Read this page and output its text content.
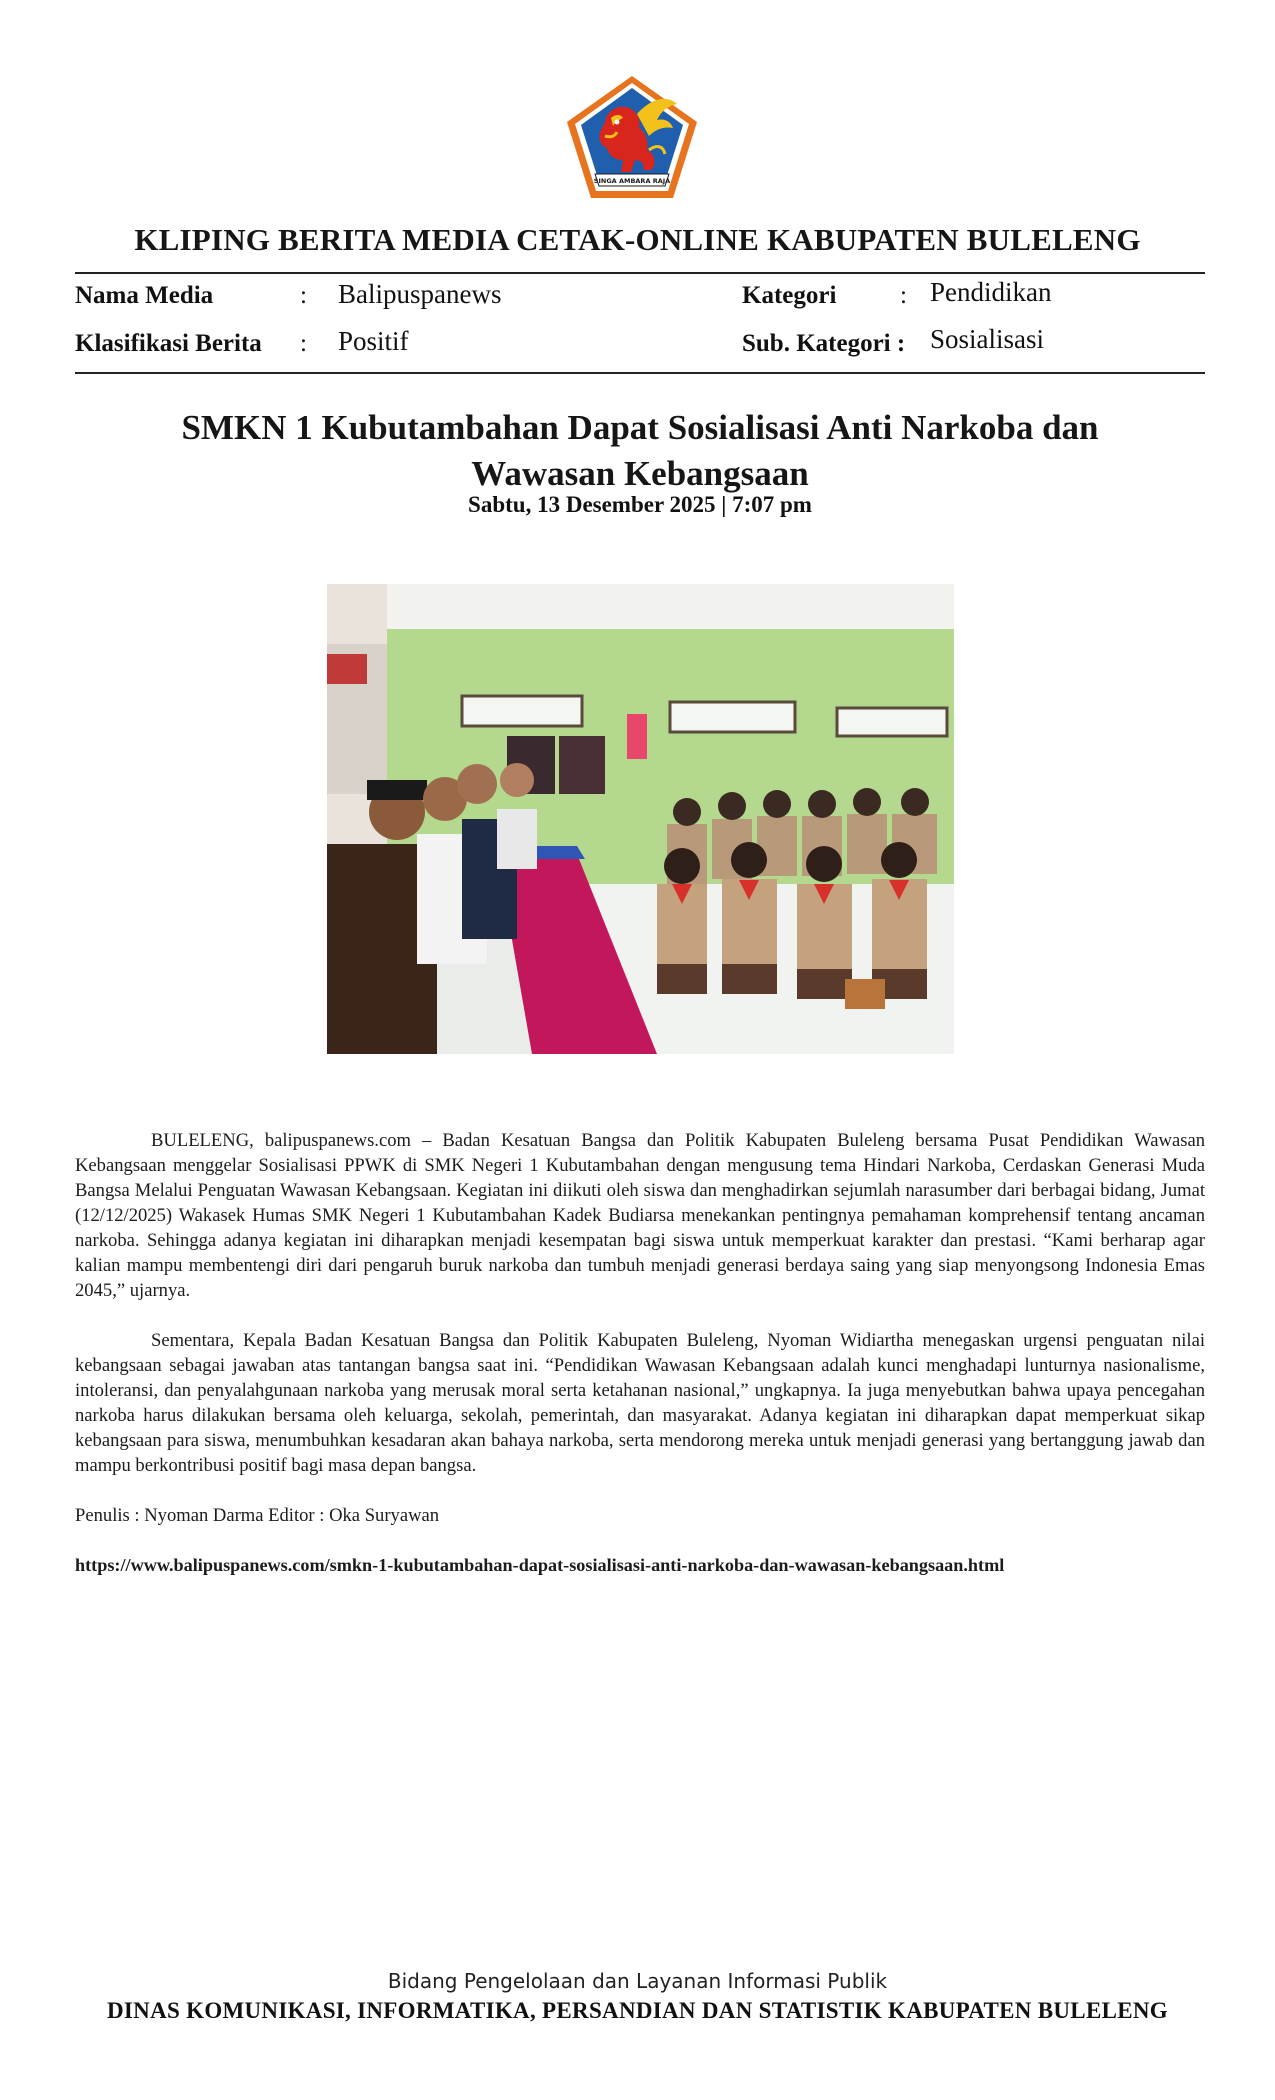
SINGA AMBARA RAJA
KLIPING BERITA MEDIA CETAK-ONLINE KABUPATEN BULELENG
Nama Media	: Balipuspanews	Kategori	: Pendidikan
Klasifikasi Berita : Positif	Sub. Kategori : Sosialisasi
SMKN 1 Kubutambahan Dapat Sosialisasi Anti Narkoba dan Wawasan Kebangsaan
Sabtu, 13 Desember 2025 | 7:07 pm

BULELENG, balipuspanews.com – Badan Kesatuan Bangsa dan Politik Kabupaten Buleleng bersama Pusat Pendidikan Wawasan Kebangsaan menggelar Sosialisasi PPWK di SMK Negeri 1 Kubutambahan dengan mengusung tema Hindari Narkoba, Cerdaskan Generasi Muda Bangsa Melalui Penguatan Wawasan Kebangsaan. Kegiatan ini diikuti oleh siswa dan menghadirkan sejumlah narasumber dari berbagai bidang, Jumat (12/12/2025) Wakasek Humas SMK Negeri 1 Kubutambahan Kadek Budiarsa menekankan pentingnya pemahaman komprehensif tentang ancaman narkoba. Sehingga adanya kegiatan ini diharapkan menjadi kesempatan bagi siswa untuk memperkuat karakter dan prestasi. “Kami berharap agar kalian mampu membentengi diri dari pengaruh buruk narkoba dan tumbuh menjadi generasi berdaya saing yang siap menyongsong Indonesia Emas 2045,” ujarnya.

Sementara, Kepala Badan Kesatuan Bangsa dan Politik Kabupaten Buleleng, Nyoman Widiartha menegaskan urgensi penguatan nilai kebangsaan sebagai jawaban atas tantangan bangsa saat ini. “Pendidikan Wawasan Kebangsaan adalah kunci menghadapi lunturnya nasionalisme, intoleransi, dan penyalahgunaan narkoba yang merusak moral serta ketahanan nasional,” ungkapnya. Ia juga menyebutkan bahwa upaya pencegahan narkoba harus dilakukan bersama oleh keluarga, sekolah, pemerintah, dan masyarakat. Adanya kegiatan ini diharapkan dapat memperkuat sikap kebangsaan para siswa, menumbuhkan kesadaran akan bahaya narkoba, serta mendorong mereka untuk menjadi generasi yang bertanggung jawab dan mampu berkontribusi positif bagi masa depan bangsa.

Penulis : Nyoman Darma Editor : Oka Suryawan

https://www.balipuspanews.com/smkn-1-kubutambahan-dapat-sosialisasi-anti-narkoba-dan-wawasan-kebangsaan.html

Bidang Pengelolaan dan Layanan Informasi Publik
DINAS KOMUNIKASI, INFORMATIKA, PERSANDIAN DAN STATISTIK KABUPATEN BULELENG
